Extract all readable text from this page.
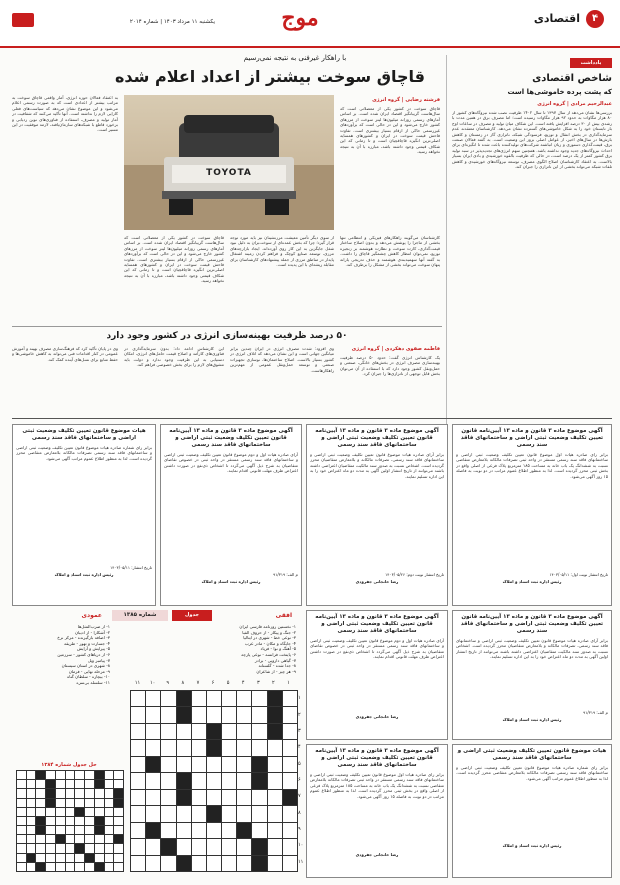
۴
اقتصادی
موج
یکشنبه ۱۱ مرداد ۱۴۰۳ | شماره ۲۰۱۴
یادداشت
شاخص اقتصادی
که پشت پرده خاموشی‌ها است
عبدالرحیم مرادی | گروه انرژی
بررسی‌ها نشان می‌دهد از سال ۱۳۹۷ تا سال ۱۴۰۲ ظرفیت نصب شده نیروگاه‌های کشور از ۸۰ هزار مگاوات به حدود ۹۲ هزار مگاوات رسیده است؛ اما مصرف برق در همین مدت با رشدی بیش از ۳۰ درصد افزایش یافته است. این شکاف میان تولید و مصرف در ساعات اوج بار تابستان خود را به شکل خاموشی‌های گسترده نشان می‌دهد. کارشناسان معتقدند عدم سرمایه‌گذاری در بخش انتقال و توزیع، فرسودگی شبکه، ناترازی گاز در زمستان و کاهش بارش‌ها در سال‌های اخیر، از عوامل اصلی بروز این وضعیت است. به گفته فعالان صنعت برق، قیمت‌گذاری دستوری و زیان انباشته شرکت‌های تولیدکننده باعث شده تا انگیزه‌ای برای احداث نیروگاه‌های جدید وجود نداشته باشد. همچنین سهم انرژی‌های تجدیدپذیر در سبد تولید برق کشور کمتر از یک درصد است، در حالی که ظرفیت بالقوه خورشیدی و بادی ایران بسیار بالاست. به اعتقاد کارشناسان اصلاح الگوی مصرف، توسعه نیروگاه‌های خورشیدی و کاهش تلفات شبکه می‌تواند بخشی از این ناترازی را جبران کند.
با راهکار غیرفنی به نتیجه نمی‌رسیم
قاچاق سوخت بیشتر از اعداد اعلام شده
TOYOTA
فرشته رضایی | گروه انرژی
قاچاق سوخت در کشور یکی از معضلاتی است که سال‌هاست گریبانگیر اقتصاد ایران شده است. بر اساس آمارهای رسمی روزانه میلیون‌ها لیتر سوخت از مرزهای کشور خارج می‌شود و این در حالی است که برآوردهای غیررسمی حاکی از ارقام بسیار بیشتری است. تفاوت فاحش قیمت سوخت در ایران و کشورهای همسایه اصلی‌ترین انگیزه قاچاقچیان است و تا زمانی که این شکاف قیمتی وجود داشته باشد، مبارزه با آن به نتیجه نخواهد رسید.
به اعتقاد فعالان حوزه انرژی، آمار واقعی قاچاق سوخت به مراتب بیشتر از اعدادی است که به صورت رسمی اعلام می‌شود و این موضوع نشان می‌دهد که سیاست‌های فعلی کارایی لازم را نداشته است. آنها تأکید می‌کنند که شفافیت در آمار تولید و مصرف، استفاده از فناوری‌های نوین ردیابی و برخورد قاطع با شبکه‌های سازمان‌یافته، لازمه موفقیت در این مسیر است.
کارشناسان می‌گویند راهکارهای فیزیکی و انتظامی تنها بخشی از ماجرا را پوشش می‌دهد و بدون اصلاح ساختار قیمت‌گذاری، کارت سوخت و نظارت هوشمند بر زنجیره توزیع، نمی‌توان انتظار کاهش چشمگیر قاچاق را داشت. به گفته آنها سهمیه‌بندی هوشمند و حذف تدریجی یارانه پنهان سوخت می‌تواند بخشی از مشکل را برطرف کند.
از سوی دیگر تأمین معیشت مرزنشینان نیز باید مورد توجه قرار گیرد؛ چرا که بخش عمده‌ای از سوخت‌بران به دلیل نبود شغل جایگزین به این کار روی آورده‌اند. ایجاد بازارچه‌های مرزی، توسعه صنایع کوچک و فراهم کردن زمینه اشتغال پایدار در مناطق مرزی از جمله پیشنهادهای کارشناسان برای مقابله ریشه‌ای با این پدیده است.
قاچاق سوخت در کشور یکی از معضلاتی است که سال‌هاست گریبانگیر اقتصاد ایران شده است. بر اساس آمارهای رسمی روزانه میلیون‌ها لیتر سوخت از مرزهای کشور خارج می‌شود و این در حالی است که برآوردهای غیررسمی حاکی از ارقام بسیار بیشتری است. تفاوت فاحش قیمت سوخت در ایران و کشورهای همسایه اصلی‌ترین انگیزه قاچاقچیان است و تا زمانی که این شکاف قیمتی وجود داشته باشد، مبارزه با آن به نتیجه نخواهد رسید.
۵۰ درصد ظرفیت بهینه‌سازی انرژی در کشور وجود دارد
فاطمه صفوی دهکردی | گروه انرژی
یک کارشناس انرژی گفت: حدود ۵۰ درصد ظرفیت بهینه‌سازی مصرف انرژی در بخش‌های خانگی، صنعتی و حمل‌ونقل کشور وجود دارد که با استفاده از آن می‌توان بخش قابل توجهی از ناترازی‌ها را جبران کرد.
وی افزود: شدت مصرف انرژی در ایران چندین برابر میانگین جهانی است و این نشان می‌دهد که اتلاف انرژی در کشور بسیار بالاست. اصلاح ساختمان‌ها، نوسازی تجهیزات صنعتی و توسعه حمل‌ونقل عمومی از مهم‌ترین راهکارهاست.
این کارشناس ادامه داد: بدون سرمایه‌گذاری در فناوری‌های کارآمد و اصلاح قیمت حامل‌های انرژی، امکان دستیابی به این ظرفیت وجود ندارد و دولت باید مشوق‌های لازم را برای بخش خصوصی فراهم کند.
وی در پایان تأکید کرد که فرهنگ‌سازی مصرف بهینه و آموزش عمومی در کنار اقدامات فنی می‌تواند به کاهش خاموشی‌ها و حفظ منابع برای نسل‌های آینده کمک کند.
آگهی موضوع ماده ۳ قانون و ماده ۱۳ آیین‌نامه قانون تعیین تکلیف وضعیت ثبتی اراضی و ساختمانهای فاقد سند رسمی
برابر رای صادره هیات اول موضوع قانون تعیین تکلیف وضعیت ثبتی اراضی و ساختمانهای فاقد سند رسمی مستقر در واحد ثبتی تصرفات مالکانه بلامعارض متقاضی نسبت به ششدانگ یک باب خانه به مساحت ۱۸۵ مترمربع پلاک فرعی از اصلی واقع در بخش ثبتی محرز گردیده است. لذا به منظور اطلاع عموم مراتب در دو نوبت به فاصله ۱۵ روز آگهی می‌شود.
تاریخ انتشار نوبت اول: ۱۴۰۳/۰۵/۱۱
رئیس اداره ثبت اسناد و املاک
آگهی موضوع ماده ۳ قانون و ماده ۱۳ آیین‌نامه قانون تعیین تکلیف وضعیت ثبتی اراضی و ساختمانهای فاقد سند رسمی
برابر آرای صادره هیات موضوع قانون تعیین تکلیف وضعیت ثبتی اراضی و ساختمانهای فاقد سند رسمی، تصرفات مالکانه و بلامعارض متقاضیان محرز گردیده است. اشخاص نسبت به صدور سند مالکیت متقاضیان اعتراضی داشته باشند می‌توانند از تاریخ انتشار اولین آگهی به مدت دو ماه اعتراض خود را به این اداره تسلیم نمایند.
تاریخ انتشار نوبت دوم: ۱۴۰۳/۰۵/۲۶
رضا خانجانی جفرودی
آگهی موضوع ماده ۳ قانون و ماده ۱۳ آیین‌نامه قانون تعیین تکلیف وضعیت ثبتی اراضی و ساختمانهای فاقد سند رسمی
آرای صادره هیات اول و دوم موضوع قانون تعیین تکلیف وضعیت ثبتی اراضی و ساختمانهای فاقد سند رسمی مستقر در واحد ثبتی در خصوص تقاضای متقاضیان به شرح ذیل آگهی می‌گردد تا اشخاص ذی‌نفع در صورت داشتن اعتراض ظرف مهلت قانونی اقدام نمایند.
م الف: ۹۱/۳۱۹
رئیس اداره ثبت اسناد و املاک
هیات موضوع قانون تعیین تکلیف وضعیت ثبتی اراضی و ساختمانهای فاقد سند رسمی
برابر رای شماره صادره هیات موضوع قانون تعیین تکلیف وضعیت ثبتی اراضی و ساختمانهای فاقد سند رسمی تصرفات مالکانه بلامعارض متقاضی محرز گردیده است. لذا به منظور اطلاع عموم مراتب آگهی می‌شود.
تاریخ انتشار: ۱۴۰۳/۰۵/۱۱
رئیس اداره ثبت اسناد و املاک
آگهی موضوع ماده ۳ قانون و ماده ۱۳ آیین‌نامه قانون تعیین تکلیف وضعیت ثبتی اراضی و ساختمانهای فاقد سند رسمی
برابر آرای صادره هیات موضوع قانون تعیین تکلیف وضعیت ثبتی اراضی و ساختمانهای فاقد سند رسمی، تصرفات مالکانه و بلامعارض متقاضیان محرز گردیده است. اشخاص نسبت به صدور سند مالکیت متقاضیان اعتراضی داشته باشند می‌توانند از تاریخ انتشار اولین آگهی به مدت دو ماه اعتراض خود را به این اداره تسلیم نمایند.
م الف: ۹۱/۳۱۹
رئیس اداره ثبت اسناد و املاک
هیات موضوع قانون تعیین تکلیف وضعیت ثبتی اراضی و ساختمانهای فاقد سند رسمی
برابر رای شماره صادره هیات موضوع قانون تعیین تکلیف وضعیت ثبتی اراضی و ساختمانهای فاقد سند رسمی تصرفات مالکانه بلامعارض متقاضی محرز گردیده است. لذا به منظور اطلاع عموم مراتب آگهی می‌شود.
رئیس اداره ثبت اسناد و املاک
آگهی موضوع ماده ۳ قانون و ماده ۱۳ آیین‌نامه قانون تعیین تکلیف وضعیت ثبتی اراضی و ساختمانهای فاقد سند رسمی
آرای صادره هیات اول و دوم موضوع قانون تعیین تکلیف وضعیت ثبتی اراضی و ساختمانهای فاقد سند رسمی مستقر در واحد ثبتی در خصوص تقاضای متقاضیان به شرح ذیل آگهی می‌گردد تا اشخاص ذی‌نفع در صورت داشتن اعتراض ظرف مهلت قانونی اقدام نمایند.
رضا خانجانی جفرودی
آگهی موضوع ماده ۳ قانون و ماده ۱۳ آیین‌نامه قانون تعیین تکلیف وضعیت ثبتی اراضی و ساختمانهای فاقد سند رسمی
برابر رای صادره هیات اول موضوع قانون تعیین تکلیف وضعیت ثبتی اراضی و ساختمانهای فاقد سند رسمی مستقر در واحد ثبتی تصرفات مالکانه بلامعارض متقاضی نسبت به ششدانگ یک باب خانه به مساحت ۱۸۵ مترمربع پلاک فرعی از اصلی واقع در بخش ثبتی محرز گردیده است. لذا به منظور اطلاع عموم مراتب در دو نوبت به فاصله ۱۵ روز آگهی می‌شود.
رضا خانجانی جفرودی
جدول
شماره ۱۳۸۵	افقی
عمودی
۱- نخستین روزنامه فارسی ایران
۲- جنگ و پیکار - از حروف الفبا
۳- نوعی خط - شهری در ایتالیا
۴- جایگاه و مکان - مادر عرب
۵- آهنگ و نوا - فریاد
۶- پایتخت فرانسه - نوعی پارچه
۷- گیاهی دارویی - برادر
۸- جدا شده - گلستانه
۹- هر چیز - از شاعران
۱- از ضرب‌المثل‌ها
۲- آشکارا - از ادیبان
۳- اضافه بارگیرنده - مرکز نرخ
۴- جسارت و تهور - طریقه
۵- پیرایش و آرایش
۶- از دریاهای کشور - سرزمین
۷- پیامبر ویل
۸- شهری در استان سیستان
۹- مرحله نهایی - فرمان
۱۰- بیچاره - سلطان گناه
۱۱- سلسله بی‌سره	۱۱	۱۰	۹	۸	۷	۶	۵	۴	۳	۲	۱
۱
۲
۳
۴
۵
۶
۷
۸
۹
۱۰
۱۱
حل جدول شماره ۱۳۸۴
